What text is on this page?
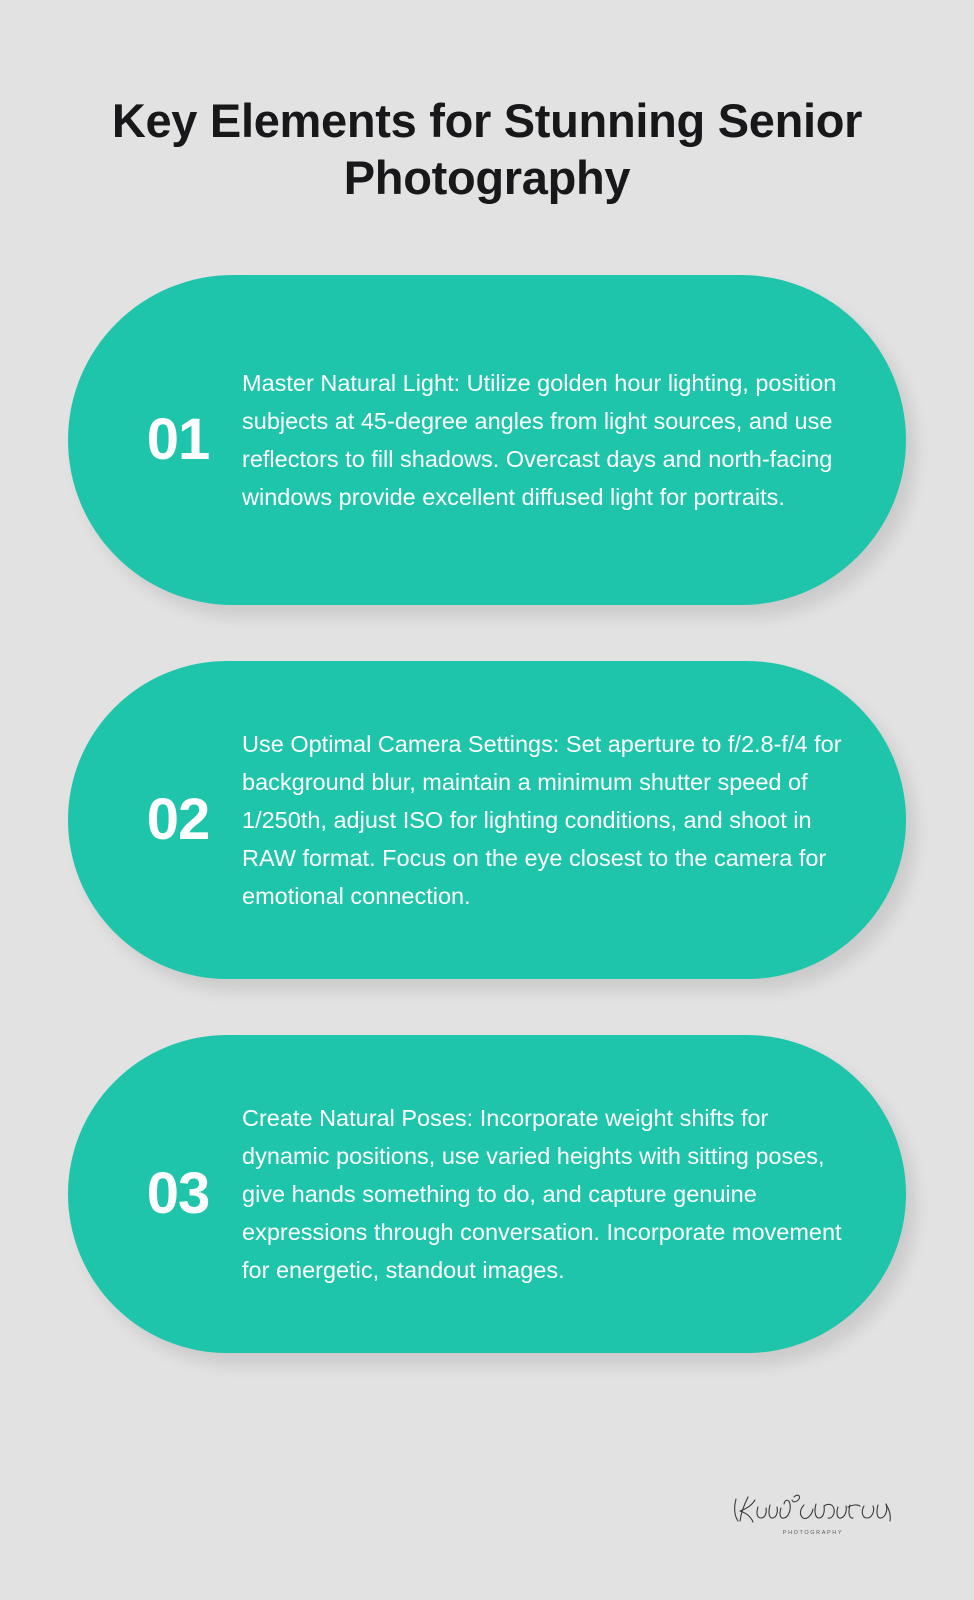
Key Elements for Stunning Senior Photography
01
Master Natural Light: Utilize golden hour lighting, position subjects at 45-degree angles from light sources, and use reflectors to fill shadows. Overcast days and north-facing windows provide excellent diffused light for portraits.
02
Use Optimal Camera Settings: Set aperture to f/2.8-f/4 for background blur, maintain a minimum shutter speed of 1/250th, adjust ISO for lighting conditions, and shoot in RAW format. Focus on the eye closest to the camera for emotional connection.
03
Create Natural Poses: Incorporate weight shifts for dynamic positions, use varied heights with sitting poses, give hands something to do, and capture genuine expressions through conversation. Incorporate movement for energetic, standout images.
PHOTOGRAPHY
